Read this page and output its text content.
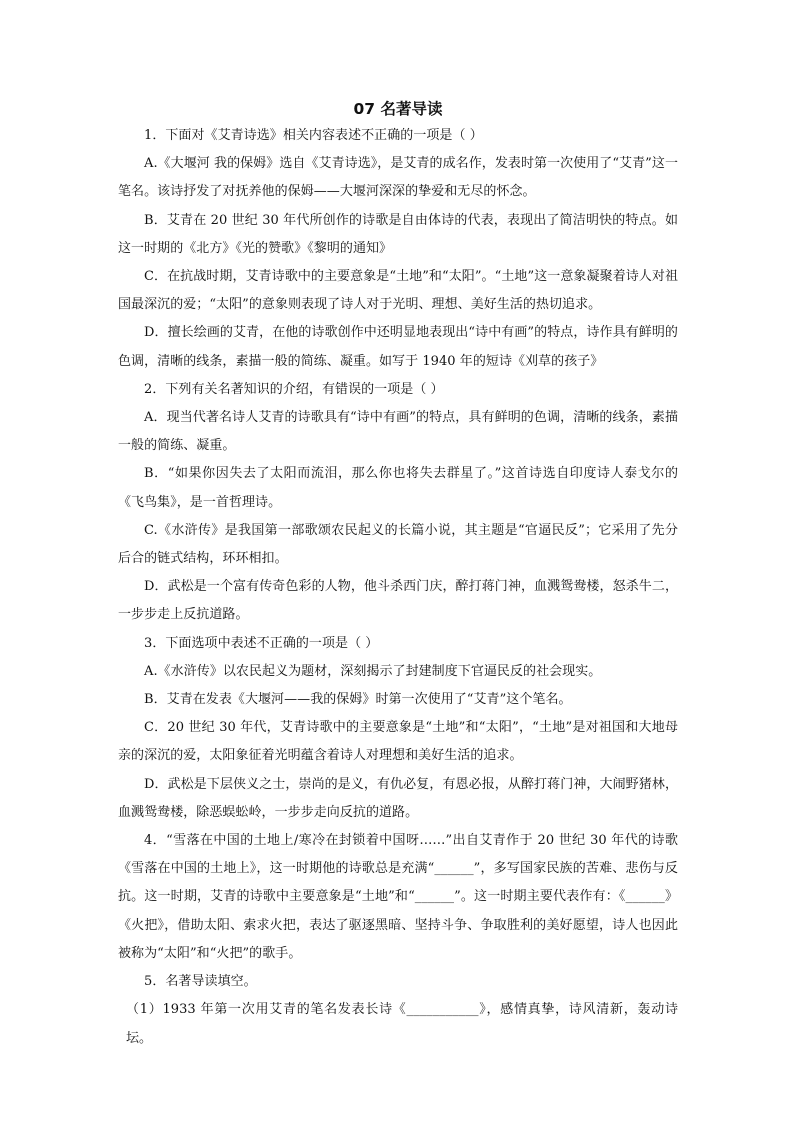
07 名著导读

1．下面对《艾青诗选》相关内容表述不正确的一项是（ ）

A.《大堰河 我的保姆》选自《艾青诗选》，是艾青的成名作，发表时第一次使用了“艾青”这一笔名。该诗抒发了对抚养他的保姆——大堰河深深的挚爱和无尽的怀念。

B．艾青在 20 世纪 30 年代所创作的诗歌是自由体诗的代表，表现出了简洁明快的特点。如这一时期的《北方》《光的赞歌》《黎明的通知》

C．在抗战时期，艾青诗歌中的主要意象是“土地”和“太阳”。“土地”这一意象凝聚着诗人对祖国最深沉的爱；“太阳”的意象则表现了诗人对于光明、理想、美好生活的热切追求。

D．擅长绘画的艾青，在他的诗歌创作中还明显地表现出“诗中有画”的特点，诗作具有鲜明的色调，清晰的线条，素描一般的简练、凝重。如写于 1940 年的短诗《刈草的孩子》

2．下列有关名著知识的介绍，有错误的一项是（ ）

A．现当代著名诗人艾青的诗歌具有“诗中有画”的特点，具有鲜明的色调，清晰的线条，素描一般的简练、凝重。

B．“如果你因失去了太阳而流泪，那么你也将失去群星了。”这首诗选自印度诗人泰戈尔的《飞鸟集》，是一首哲理诗。

C.《水浒传》是我国第一部歌颂农民起义的长篇小说，其主题是“官逼民反”；它采用了先分后合的链式结构，环环相扣。

D．武松是一个富有传奇色彩的人物，他斗杀西门庆，醉打蒋门神，血溅鸳鸯楼，怒杀牛二，一步步走上反抗道路。

3．下面选项中表述不正确的一项是（ ）

A.《水浒传》以农民起义为题材，深刻揭示了封建制度下官逼民反的社会现实。

B．艾青在发表《大堰河——我的保姆》时第一次使用了“艾青”这个笔名。

C．20 世纪 30 年代，艾青诗歌中的主要意象是“土地”和“太阳”，“土地”是对祖国和大地母亲的深沉的爱，太阳象征着光明蕴含着诗人对理想和美好生活的追求。

D．武松是下层侠义之士，崇尚的是义，有仇必复，有恩必报，从醉打蒋门神，大闹野猪林，血溅鸳鸯楼，除恶蜈蚣岭，一步步走向反抗的道路。

4．“雪落在中国的土地上/寒冷在封锁着中国呀……”出自艾青作于 20 世纪 30 年代的诗歌《雪落在中国的土地上》，这一时期他的诗歌总是充满“______”，多写国家民族的苦难、悲伤与反抗。这一时期，艾青的诗歌中主要意象是“土地”和“______”。这一时期主要代表作有：《______》《火把》，借助太阳、索求火把，表达了驱逐黑暗、坚持斗争、争取胜利的美好愿望，诗人也因此被称为“太阳”和“火把”的歌手。

5．名著导读填空。

（1）1933 年第一次用艾青的笔名发表长诗《___________》，感情真挚，诗风清新，轰动诗坛。
